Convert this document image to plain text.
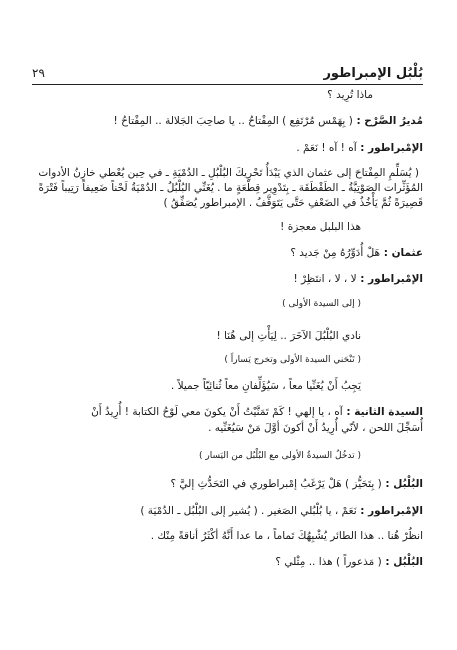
بُلْبُل الإمبراطور
٢٩
ماذا تُرِيد ؟
مُديرُ الصَّرْح : ( بِهَمْس مُرْتَفِع ) المِفْتاحُ .. يا صاحِبَ الجَلالة .. المِفْتاحُ !
الإمْبراطور : آه ! آه ! نَعَمْ .
( يُسَلِّمِ المِفْتاحَ إلى عثمان الذي يَبْدَأُ تَحْرِيكَ البُلْبُلِ ـ الدُمْيَةِ ـ في حِين يُعْطي خازِنُ الأدوات
المُؤَثِّرات الصَوْتِيَّةُ ـ الطَقْطَقَة ـ بِتَدْوِير قِطْعَةٍ ما . يُغَنِّي البُلْبُلُ ـ الدُمْيَةُ لَحْناً ضَعِيفاً رَتِيباً فَتْرَةً
قَصِيرَةً ثُمَّ يَأْخُذُ في الضَعْفِ حَتَّى يَتَوَقَّفُ . الإمبراطور يُصَفِّقُ )
هذا البلبل معجزة !
عثمان : هَلْ أُدَوِّرُهُ مِنْ جَديد ؟
الإمْبراطور : لا ، لا ، انتَظِرْ !
( إلى السيدة الأولى )
نادي البُلْبُلَ الآخَرَ .. لِيَأْتِ إلى هُنَا !
( تَنْحَني السيدة الأولى وتخرج يَساراً )
يَجِبُ أَنْ يُغَنِّيا معاً ، سَيُؤَلِّفانِ معاً ثُنائِيّاً جميلاً .
السيدة الثانية : آه ، يا إلهي ! كَمْ تَمَنَّيْتُ أَنْ يكونَ معي لَوْحُ الكتابة ! أُرِيدُ أَنْ
أُسَجِّلَ اللحن ، لأنّي أُرِيدُ أَنْ أكونَ أوَّلَ مَنْ سَيُغَنِّيه .
( تدخُلُ السيدةُ الأولى مع البُلْبُل من اليَسار )
البُلْبُل : ( بِتَحَيُّز ) هَلْ يَرْغَبُ إمْبراطوري في التَحَدُّثِ إليَّ ؟
الإمْبراطور : نَعَمْ ، يا بُلْبُلي الصَغير . ( يُشير إلى البُلْبُل ـ الدُمْيَة )
انظُرْ هُنا .. هذا الطائر يُشْبِهُكَ تَماماً ، ما عدا أَنَّهُ أكْثَرُ أناقةً مِنْك .
البُلْبُل : ( مَذعوراً ) هذا .. مِثْلي ؟
